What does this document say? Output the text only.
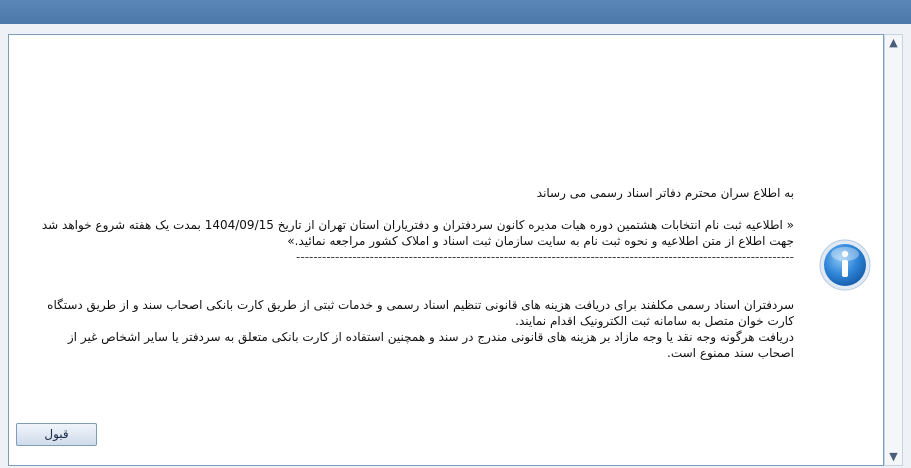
به اطلاع سران محترم دفاتر اسناد رسمی می رساند

« اطلاعیه ثبت نام انتخابات هشتمین دوره هیات مدیره کانون سردفتران و دفتریاران استان تهران از تاریخ 1404/09/15 بمدت یک هفته شروع خواهد شد جهت اطلاع از متن اطلاعیه و نحوه ثبت نام به سایت سازمان ثبت اسناد و املاک کشور مراجعه نمائید.»

-------------------------------------------------------------------------------------------------------------------

سردفتران اسناد رسمی مکلفند برای دریافت هزینه های قانونی تنظیم اسناد رسمی و خدمات ثبتی از طریق کارت بانکی اصحاب سند و از طریق دستگاه کارت خوان متصل به سامانه ثبت الکترونیک اقدام نمایند.

دریافت هرگونه وجه نقد یا وجه مازاد بر هزینه های قانونی مندرج در سند و همچنین استفاده از کارت بانکی متعلق به سردفتر یا سایر اشخاص غیر از اصحاب سند ممنوع است.

▲
▼
قبول
